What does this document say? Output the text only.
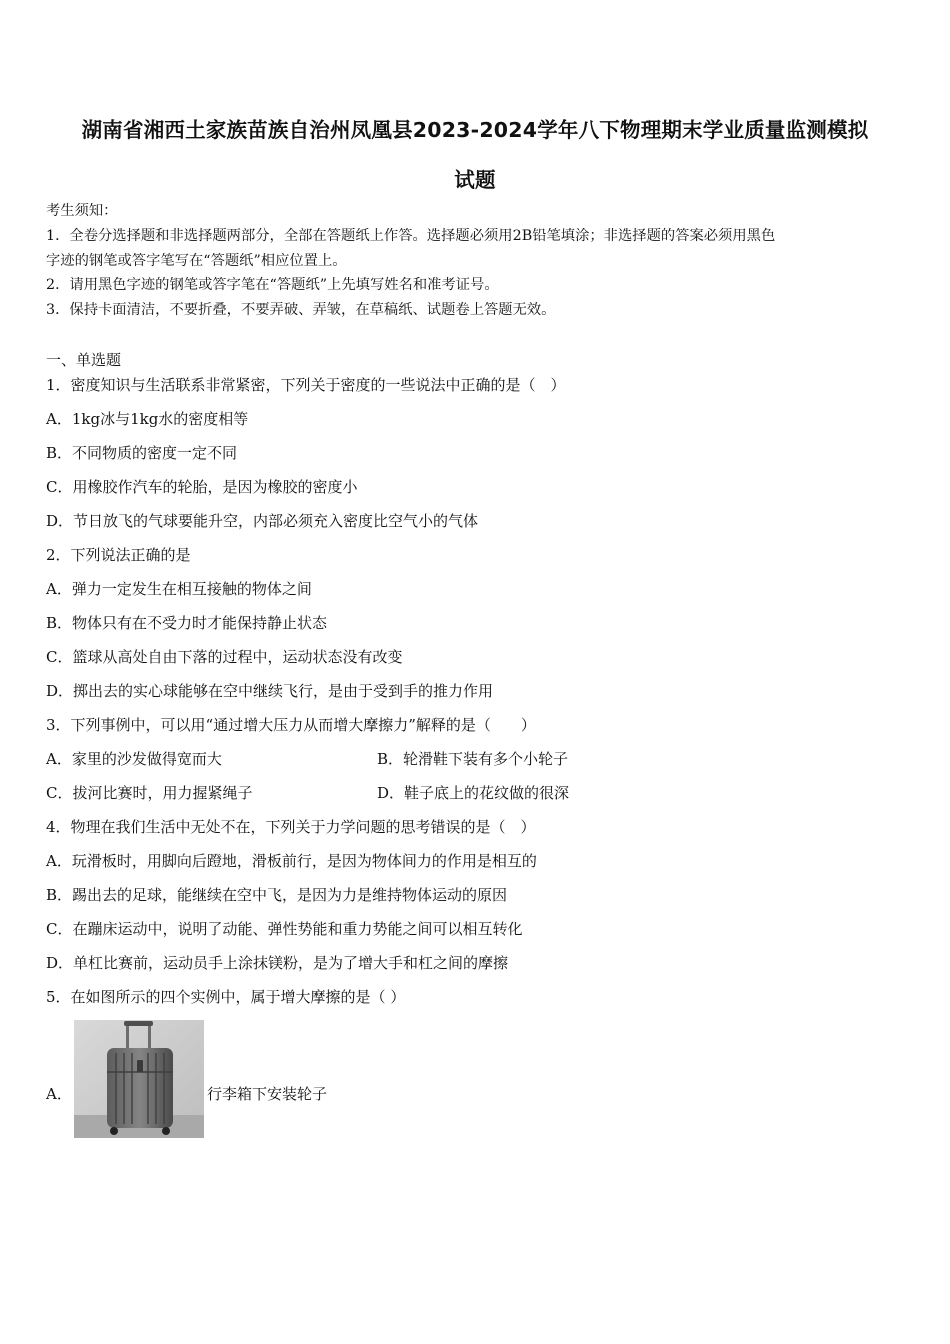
湖南省湘西土家族苗族自治州凤凰县2023-2024学年八下物理期末学业质量监测模拟
试题
考生须知：
1．全卷分选择题和非选择题两部分，全部在答题纸上作答。选择题必须用2B铅笔填涂；非选择题的答案必须用黑色
字迹的钢笔或答字笔写在“答题纸”相应位置上。
2．请用黑色字迹的钢笔或答字笔在“答题纸”上先填写姓名和准考证号。
3．保持卡面清洁，不要折叠，不要弄破、弄皱，在草稿纸、试题卷上答题无效。
一、单选题
1．密度知识与生活联系非常紧密，下列关于密度的一些说法中正确的是（　）
A．1kg冰与1kg水的密度相等
B．不同物质的密度一定不同
C．用橡胶作汽车的轮胎，是因为橡胶的密度小
D．节日放飞的气球要能升空，内部必须充入密度比空气小的气体
2．下列说法正确的是
A．弹力一定发生在相互接触的物体之间
B．物体只有在不受力时才能保持静止状态
C．篮球从高处自由下落的过程中，运动状态没有改变
D．掷出去的实心球能够在空中继续飞行，是由于受到手的推力作用
3．下列事例中，可以用“通过增大压力从而增大摩擦力”解释的是（　　）
A．家里的沙发做得宽而大	B．轮滑鞋下装有多个小轮子
C．拔河比赛时，用力握紧绳子	D．鞋子底上的花纹做的很深
4．物理在我们生活中无处不在，下列关于力学问题的思考错误的是（　）
A．玩滑板时，用脚向后蹬地，滑板前行，是因为物体间力的作用是相互的
B．踢出去的足球，能继续在空中飞，是因为力是维持物体运动的原因
C．在蹦床运动中，说明了动能、弹性势能和重力势能之间可以相互转化
D．单杠比赛前，运动员手上涂抹镁粉，是为了增大手和杠之间的摩擦
5．在如图所示的四个实例中，属于增大摩擦的是（ ）
A．	行李箱下安装轮子
